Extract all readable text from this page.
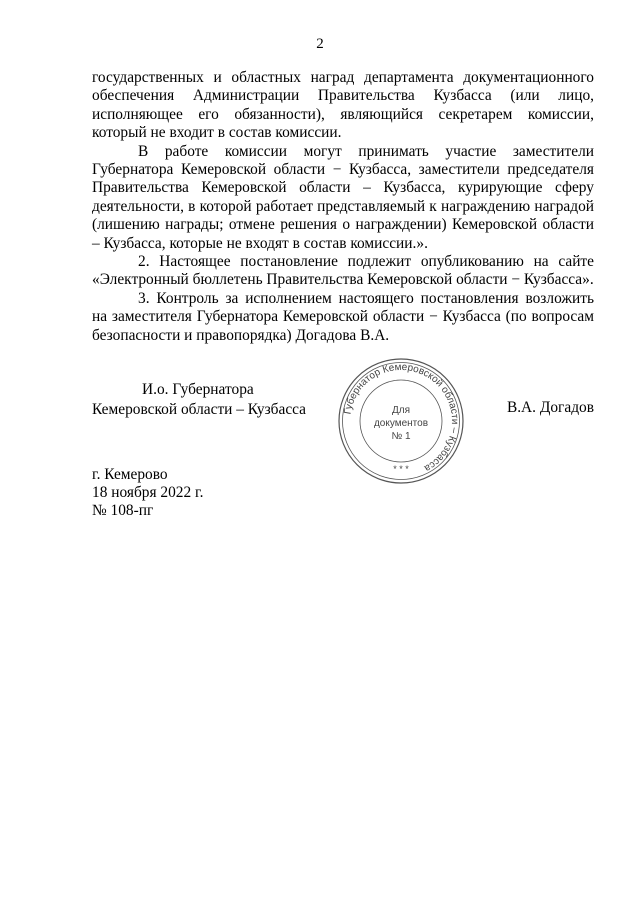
2

государственных и областных наград департамента документационного обеспечения Администрации Правительства Кузбасса (или лицо, исполняющее его обязанности), являющийся секретарем комиссии, который не входит в состав комиссии.

В работе комиссии могут принимать участие заместители Губернатора Кемеровской области − Кузбасса, заместители председателя Правительства Кемеровской области – Кузбасса, курирующие сферу деятельности, в которой работает представляемый к награждению наградой (лишению награды; отмене решения о награждении) Кемеровской области – Кузбасса, которые не входят в состав комиссии.».

2. Настоящее постановление подлежит опубликованию на сайте «Электронный бюллетень Правительства Кемеровской области − Кузбасса».

3. Контроль за исполнением настоящего постановления возложить на заместителя Губернатора Кемеровской области − Кузбасса (по вопросам безопасности и правопорядка) Догадова В.А.

И.о. Губернатора
Кемеровской области – Кузбасса	В.А. Догадов
Губернатор Кемеровской области – Кузбасса
Для
документов
№ 1
* * *
г. Кемерово
18 ноября 2022 г.
№ 108-пг
